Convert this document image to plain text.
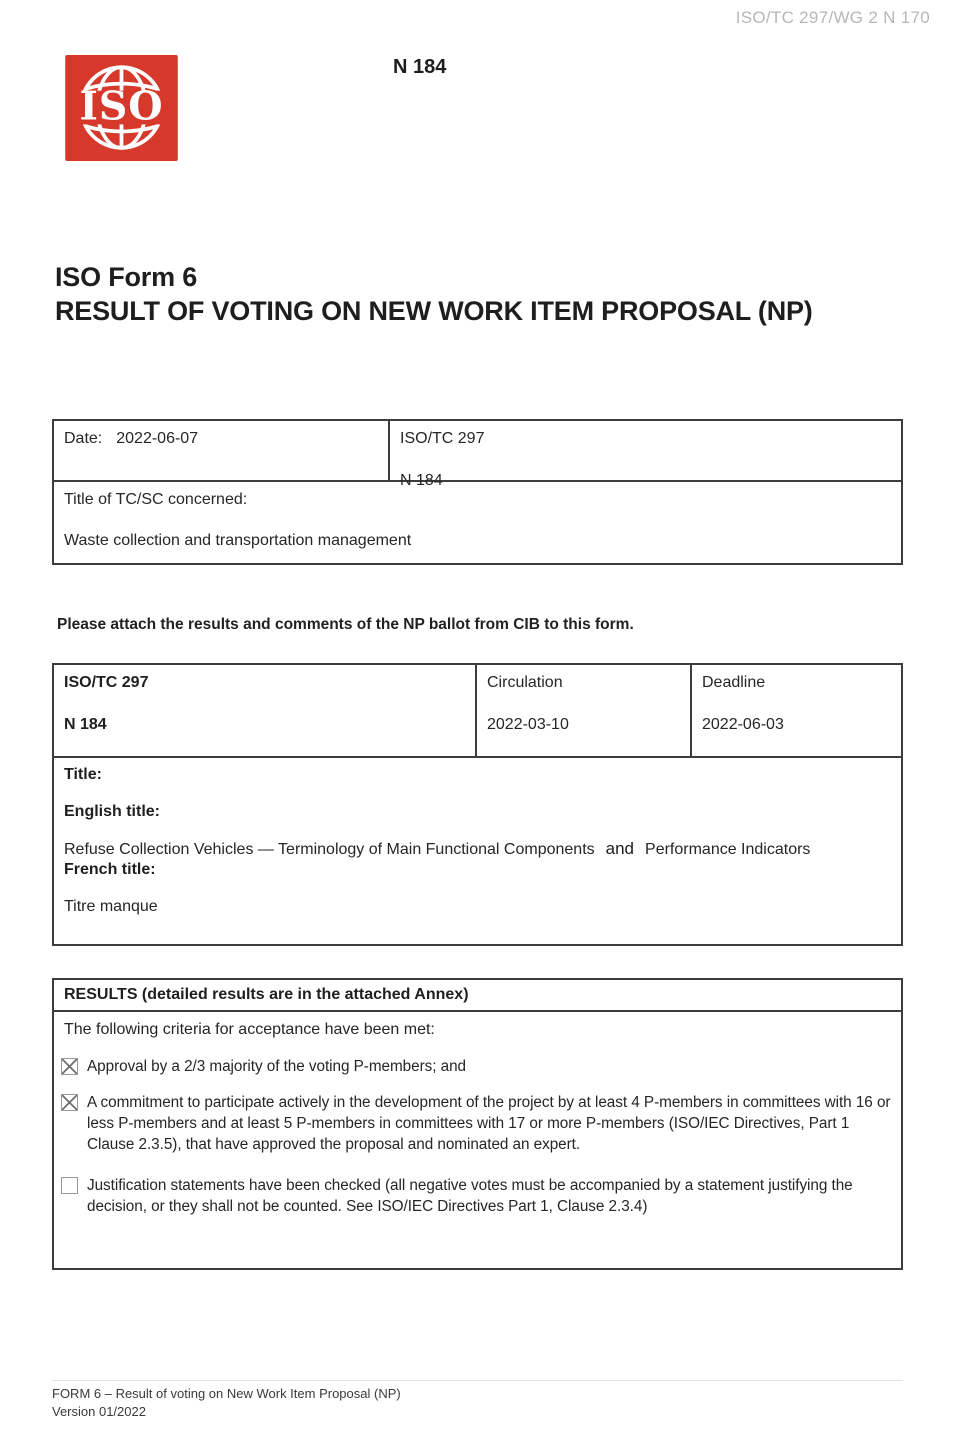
ISO/TC 297/WG 2 N 170
ISO
N 184
ISO Form 6
RESULT OF VOTING ON NEW WORK ITEM PROPOSAL (NP)
Date: 2022-06-07	ISO/TC 297
N 184
Title of TC/SC concerned:
Waste collection and transportation management
Please attach the results and comments of the NP ballot from CIB to this form.
ISO/TC 297
N 184
Circulation
2022-03-10
Deadline
2022-06-03

Title:

English title:

Refuse Collection Vehicles — Terminology of Main Functional Components and Performance Indicators

French title:

Titre manque

RESULTS (detailed results are in the attached Annex)

The following criteria for acceptance have been met:

Approval by a 2/3 majority of the voting P-members; and
A commitment to participate actively in the development of the project by at least 4 P-members in committees with 16 or less P-members and at least 5 P-members in committees with 17 or more P-members (ISO/IEC Directives, Part 1 Clause 2.3.5), that have approved the proposal and nominated an expert.
Justification statements have been checked (all negative votes must be accompanied by a statement justifying the decision, or they shall not be counted. See ISO/IEC Directives Part 1, Clause 2.3.4)
FORM 6 – Result of voting on New Work Item Proposal (NP)
Version 01/2022
